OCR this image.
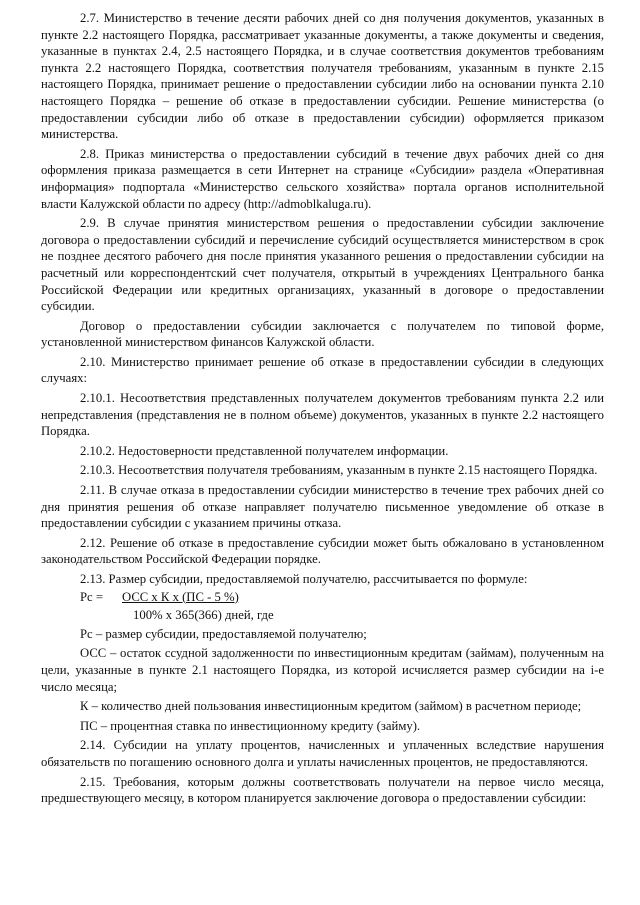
2.7. Министерство в течение десяти рабочих дней со дня получения документов, указанных в пункте 2.2 настоящего Порядка, рассматривает указанные документы, а также документы и сведения, указанные в пунктах 2.4, 2.5 настоящего Порядка, и в случае соответствия документов требованиям пункта 2.2 настоящего Порядка, соответствия получателя требованиям, указанным в пункте 2.15 настоящего Порядка, принимает решение о предоставлении субсидии либо на основании пункта 2.10 настоящего Порядка – решение об отказе в предоставлении субсидии. Решение министерства (о предоставлении субсидии либо об отказе в предоставлении субсидии) оформляется приказом министерства.

2.8. Приказ министерства о предоставлении субсидий в течение двух рабочих дней со дня оформления приказа размещается в сети Интернет на странице «Субсидии» раздела «Оперативная информация» подпортала «Министерство сельского хозяйства» портала органов исполнительной власти Калужской области по адресу (http://admoblkaluga.ru).

2.9. В случае принятия министерством решения о предоставлении субсидии заключение договора о предоставлении субсидий и перечисление субсидий осуществляется министерством в срок не позднее десятого рабочего дня после принятия указанного решения о предоставлении субсидии на расчетный или корреспондентский счет получателя, открытый в учреждениях Центрального банка Российской Федерации или кредитных организациях, указанный в договоре о предоставлении субсидии.

Договор о предоставлении субсидии заключается с получателем по типовой форме, установленной министерством финансов Калужской области.

2.10. Министерство принимает решение об отказе в предоставлении субсидии в следующих случаях:

2.10.1. Несоответствия представленных получателем документов требованиям пункта 2.2 или непредставления (представления не в полном объеме) документов, указанных в пункте 2.2 настоящего Порядка.

2.10.2. Недостоверности представленной получателем информации.

2.10.3. Несоответствия получателя требованиям, указанным в пункте 2.15 настоящего Порядка.

2.11. В случае отказа в предоставлении субсидии министерство в течение трех рабочих дней со дня принятия решения об отказе направляет получателю письменное уведомление об отказе в предоставлении субсидии с указанием причины отказа.

2.12. Решение об отказе в предоставление субсидии может быть обжаловано в установленном законодательством Российской Федерации порядке.

2.13. Размер субсидии, предоставляемой получателю, рассчитывается по формуле:

Рс = ОСС х К х (ПС - 5 %)
100% х 365(366) дней, где

Рс – размер субсидии, предоставляемой получателю;

ОСС – остаток ссудной задолженности по инвестиционным кредитам (займам), полученным на цели, указанные в пункте 2.1 настоящего Порядка, из которой исчисляется размер субсидии на i-е число месяца;

К – количество дней пользования инвестиционным кредитом (займом) в расчетном периоде;

ПС – процентная ставка по инвестиционному кредиту (займу).

2.14. Субсидии на уплату процентов, начисленных и уплаченных вследствие нарушения обязательств по погашению основного долга и уплаты начисленных процентов, не предоставляются.

2.15. Требования, которым должны соответствовать получатели на первое число месяца, предшествующего месяцу, в котором планируется заключение договора о предоставлении субсидии:
